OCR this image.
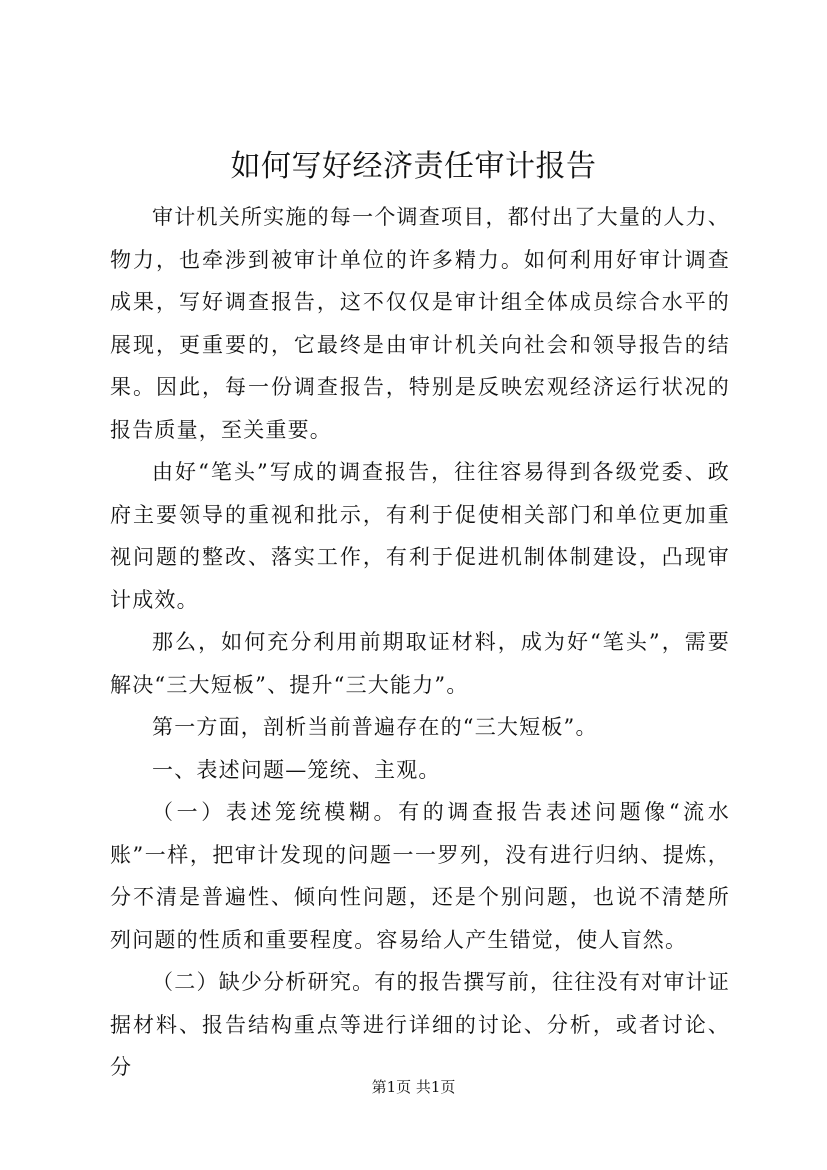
如何写好经济责任审计报告

审计机关所实施的每一个调查项目，都付出了大量的人力、物力，也牵涉到被审计单位的许多精力。如何利用好审计调查成果，写好调查报告，这不仅仅是审计组全体成员综合水平的展现，更重要的，它最终是由审计机关向社会和领导报告的结果。因此，每一份调查报告，特别是反映宏观经济运行状况的报告质量，至关重要。

由好“笔头”写成的调查报告，往往容易得到各级党委、政府主要领导的重视和批示，有利于促使相关部门和单位更加重视问题的整改、落实工作，有利于促进机制体制建设，凸现审计成效。

那么，如何充分利用前期取证材料，成为好“笔头”，需要解决“三大短板”、提升“三大能力”。

第一方面，剖析当前普遍存在的“三大短板”。

一、表述问题—笼统、主观。

（一）表述笼统模糊。有的调查报告表述问题像“流水账”一样，把审计发现的问题一一罗列，没有进行归纳、提炼，分不清是普遍性、倾向性问题，还是个别问题，也说不清楚所列问题的性质和重要程度。容易给人产生错觉，使人盲然。

（二）缺少分析研究。有的报告撰写前，往往没有对审计证据材料、报告结构重点等进行详细的讨论、分析，或者讨论、分

第1页 共1页
